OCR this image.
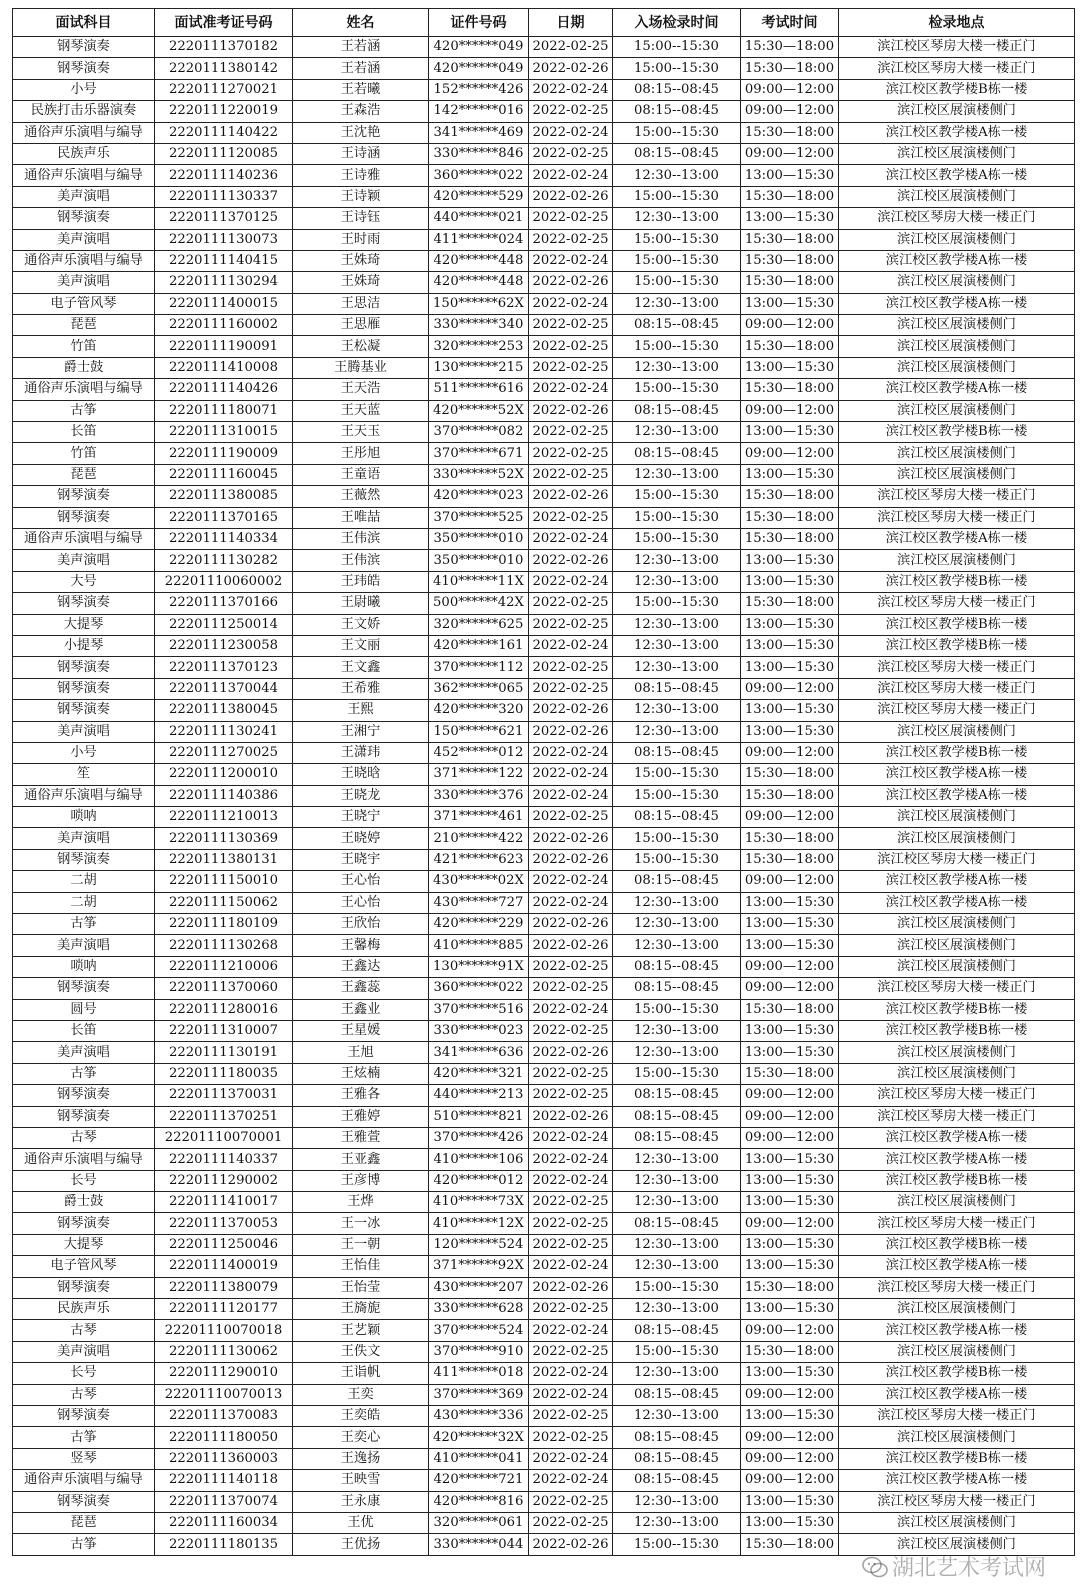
面试科目	面试准考证号码	姓名	证件号码	日期	入场检录时间	考试时间	检录地点
钢琴演奏	2220111370182	王若涵	420******049	2022-02-25	15:00--15:30	15:30—18:00	滨江校区琴房大楼一楼正门
钢琴演奏	2220111380142	王若涵	420******049	2022-02-26	15:00--15:30	15:30—18:00	滨江校区琴房大楼一楼正门
小号	2220111270021	王若曦	152******426	2022-02-24	08:15--08:45	09:00—12:00	滨江校区教学楼B栋一楼
民族打击乐器演奏	2220111220019	王森浩	142******016	2022-02-25	08:15--08:45	09:00—12:00	滨江校区展演楼侧门
通俗声乐演唱与编导	2220111140422	王沈艳	341******469	2022-02-24	15:00--15:30	15:30—18:00	滨江校区教学楼A栋一楼
民族声乐	2220111120085	王诗涵	330******846	2022-02-25	08:15--08:45	09:00—12:00	滨江校区展演楼侧门
通俗声乐演唱与编导	2220111140236	王诗雅	360******022	2022-02-24	12:30--13:00	13:00—15:30	滨江校区教学楼A栋一楼
美声演唱	2220111130337	王诗颖	420******529	2022-02-26	15:00--15:30	15:30—18:00	滨江校区展演楼侧门
钢琴演奏	2220111370125	王诗钰	440******021	2022-02-25	12:30--13:00	13:00—15:30	滨江校区琴房大楼一楼正门
美声演唱	2220111130073	王时雨	411******024	2022-02-25	15:00--15:30	15:30—18:00	滨江校区展演楼侧门
通俗声乐演唱与编导	2220111140415	王姝琦	420******448	2022-02-24	15:00--15:30	15:30—18:00	滨江校区教学楼A栋一楼
美声演唱	2220111130294	王姝琦	420******448	2022-02-26	15:00--15:30	15:30—18:00	滨江校区展演楼侧门
电子管风琴	2220111400015	王思洁	150******62X	2022-02-24	12:30--13:00	13:00—15:30	滨江校区教学楼A栋一楼
琵琶	2220111160002	王思雁	330******340	2022-02-25	08:15--08:45	09:00—12:00	滨江校区展演楼侧门
竹笛	2220111190091	王松凝	320******253	2022-02-25	15:00--15:30	15:30—18:00	滨江校区展演楼侧门
爵士鼓	2220111410008	王腾基业	130******215	2022-02-25	12:30--13:00	13:00—15:30	滨江校区展演楼侧门
通俗声乐演唱与编导	2220111140426	王天浩	511******616	2022-02-24	15:00--15:30	15:30—18:00	滨江校区教学楼A栋一楼
古筝	2220111180071	王天蓝	420******52X	2022-02-26	08:15--08:45	09:00—12:00	滨江校区展演楼侧门
长笛	2220111310015	王天玉	370******082	2022-02-25	12:30--13:00	13:00—15:30	滨江校区教学楼B栋一楼
竹笛	2220111190009	王彤旭	370******671	2022-02-25	08:15--08:45	09:00—12:00	滨江校区展演楼侧门
琵琶	2220111160045	王童语	330******52X	2022-02-25	12:30--13:00	13:00—15:30	滨江校区展演楼侧门
钢琴演奏	2220111380085	王薇然	420******023	2022-02-26	15:00--15:30	15:30—18:00	滨江校区琴房大楼一楼正门
钢琴演奏	2220111370165	王唯喆	370******525	2022-02-25	15:00--15:30	15:30—18:00	滨江校区琴房大楼一楼正门
通俗声乐演唱与编导	2220111140334	王伟滨	350******010	2022-02-24	15:00--15:30	15:30—18:00	滨江校区教学楼A栋一楼
美声演唱	2220111130282	王伟滨	350******010	2022-02-26	12:30--13:00	13:00—15:30	滨江校区展演楼侧门
大号	22201110060002	王玮皓	410******11X	2022-02-24	12:30--13:00	13:00—15:30	滨江校区教学楼B栋一楼
钢琴演奏	2220111370166	王尉曦	500******42X	2022-02-25	15:00--15:30	15:30—18:00	滨江校区琴房大楼一楼正门
大提琴	2220111250014	王文娇	320******625	2022-02-25	12:30--13:00	13:00—15:30	滨江校区教学楼B栋一楼
小提琴	2220111230058	王文丽	420******161	2022-02-24	12:30--13:00	13:00—15:30	滨江校区教学楼B栋一楼
钢琴演奏	2220111370123	王文鑫	370******112	2022-02-25	12:30--13:00	13:00—15:30	滨江校区琴房大楼一楼正门
钢琴演奏	2220111370044	王希雅	362******065	2022-02-25	08:15--08:45	09:00—12:00	滨江校区琴房大楼一楼正门
钢琴演奏	2220111380045	王熙	420******320	2022-02-26	12:30--13:00	13:00—15:30	滨江校区琴房大楼一楼正门
美声演唱	2220111130241	王湘宁	150******621	2022-02-26	12:30--13:00	13:00—15:30	滨江校区展演楼侧门
小号	2220111270025	王潇玮	452******012	2022-02-24	08:15--08:45	09:00—12:00	滨江校区教学楼B栋一楼
笙	2220111200010	王晓晗	371******122	2022-02-24	15:00--15:30	15:30—18:00	滨江校区教学楼A栋一楼
通俗声乐演唱与编导	2220111140386	王晓龙	330******376	2022-02-24	15:00--15:30	15:30—18:00	滨江校区教学楼A栋一楼
唢呐	2220111210013	王晓宁	371******461	2022-02-25	08:15--08:45	09:00—12:00	滨江校区展演楼侧门
美声演唱	2220111130369	王晓婷	210******422	2022-02-26	15:00--15:30	15:30—18:00	滨江校区展演楼侧门
钢琴演奏	2220111380131	王晓宇	421******623	2022-02-26	15:00--15:30	15:30—18:00	滨江校区琴房大楼一楼正门
二胡	2220111150010	王心怡	430******02X	2022-02-24	08:15--08:45	09:00—12:00	滨江校区教学楼A栋一楼
二胡	2220111150062	王心怡	430******727	2022-02-24	12:30--13:00	13:00—15:30	滨江校区教学楼A栋一楼
古筝	2220111180109	王欣怡	420******229	2022-02-26	12:30--13:00	13:00—15:30	滨江校区展演楼侧门
美声演唱	2220111130268	王馨梅	410******885	2022-02-26	12:30--13:00	13:00—15:30	滨江校区展演楼侧门
唢呐	2220111210006	王鑫达	130******91X	2022-02-25	08:15--08:45	09:00—12:00	滨江校区展演楼侧门
钢琴演奏	2220111370060	王鑫蕊	360******022	2022-02-25	08:15--08:45	09:00—12:00	滨江校区琴房大楼一楼正门
圆号	2220111280016	王鑫业	370******516	2022-02-24	15:00--15:30	15:30—18:00	滨江校区教学楼B栋一楼
长笛	2220111310007	王星媛	330******023	2022-02-25	12:30--13:00	13:00—15:30	滨江校区教学楼B栋一楼
美声演唱	2220111130191	王旭	341******636	2022-02-26	12:30--13:00	13:00—15:30	滨江校区展演楼侧门
古筝	2220111180035	王炫楠	420******321	2022-02-25	15:00--15:30	15:30—18:00	滨江校区展演楼侧门
钢琴演奏	2220111370031	王雅各	440******213	2022-02-25	08:15--08:45	09:00—12:00	滨江校区琴房大楼一楼正门
钢琴演奏	2220111370251	王雅婷	510******821	2022-02-26	08:15--08:45	09:00—12:00	滨江校区琴房大楼一楼正门
古琴	22201110070001	王雅萱	370******426	2022-02-24	08:15--08:45	09:00—12:00	滨江校区教学楼A栋一楼
通俗声乐演唱与编导	2220111140337	王亚鑫	410******106	2022-02-24	12:30--13:00	13:00—15:30	滨江校区教学楼A栋一楼
长号	2220111290002	王彦博	420******012	2022-02-24	12:30--13:00	13:00—15:30	滨江校区教学楼B栋一楼
爵士鼓	2220111410017	王烨	410******73X	2022-02-25	12:30--13:00	13:00—15:30	滨江校区展演楼侧门
钢琴演奏	2220111370053	王一冰	410******12X	2022-02-25	08:15--08:45	09:00—12:00	滨江校区琴房大楼一楼正门
大提琴	2220111250046	王一朝	120******524	2022-02-25	12:30--13:00	13:00—15:30	滨江校区教学楼B栋一楼
电子管风琴	2220111400019	王怡佳	371******92X	2022-02-24	12:30--13:00	13:00—15:30	滨江校区教学楼A栋一楼
钢琴演奏	2220111380079	王怡莹	430******207	2022-02-26	15:00--15:30	15:30—18:00	滨江校区琴房大楼一楼正门
民族声乐	2220111120177	王旖旎	330******628	2022-02-25	12:30--13:00	13:00—15:30	滨江校区展演楼侧门
古琴	22201110070018	王艺颖	370******524	2022-02-24	08:15--08:45	09:00—12:00	滨江校区教学楼A栋一楼
美声演唱	2220111130062	王佚文	370******910	2022-02-25	15:00--15:30	15:30—18:00	滨江校区展演楼侧门
长号	2220111290010	王诣帆	411******018	2022-02-24	12:30--13:00	13:00—15:30	滨江校区教学楼B栋一楼
古琴	22201110070013	王奕	370******369	2022-02-24	08:15--08:45	09:00—12:00	滨江校区教学楼A栋一楼
钢琴演奏	2220111370083	王奕皓	430******336	2022-02-25	12:30--13:00	13:00—15:30	滨江校区琴房大楼一楼正门
古筝	2220111180050	王奕心	420******32X	2022-02-25	08:15--08:45	09:00—12:00	滨江校区展演楼侧门
竖琴	2220111360003	王逸扬	410******041	2022-02-24	08:15--08:45	09:00—12:00	滨江校区教学楼B栋一楼
通俗声乐演唱与编导	2220111140118	王映雪	420******721	2022-02-24	08:15--08:45	09:00—12:00	滨江校区教学楼A栋一楼
钢琴演奏	2220111370074	王永康	420******816	2022-02-25	12:30--13:00	13:00—15:30	滨江校区琴房大楼一楼正门
琵琶	2220111160034	王优	320******061	2022-02-25	12:30--13:00	13:00—15:30	滨江校区展演楼侧门
古筝	2220111180135	王优扬	330******044	2022-02-26	15:00--15:30	15:30—18:00	滨江校区展演楼侧门
湖北艺术考试网
